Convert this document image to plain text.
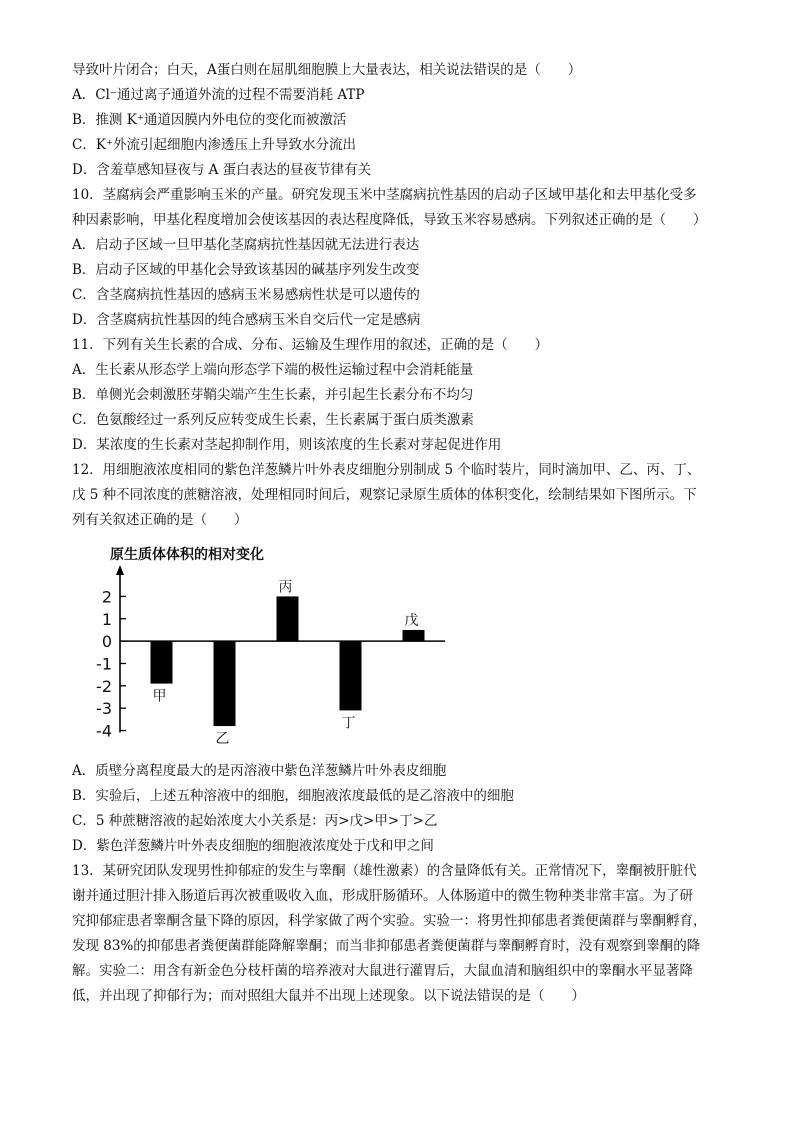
导致叶片闭合；白天，A蛋白则在屈肌细胞膜上大量表达，相关说法错误的是（　　）
A．Cl⁻通过离子通道外流的过程不需要消耗 ATP
B．推测 K⁺通道因膜内外电位的变化而被激活
C．K⁺外流引起细胞内渗透压上升导致水分流出
D．含羞草感知昼夜与 A 蛋白表达的昼夜节律有关
10．茎腐病会严重影响玉米的产量。研究发现玉米中茎腐病抗性基因的启动子区域甲基化和去甲基化受多
种因素影响，甲基化程度增加会使该基因的表达程度降低，导致玉米容易感病。下列叙述正确的是（　　）
A．启动子区域一旦甲基化茎腐病抗性基因就无法进行表达
B．启动子区域的甲基化会导致该基因的碱基序列发生改变
C．含茎腐病抗性基因的感病玉米易感病性状是可以遗传的
D．含茎腐病抗性基因的纯合感病玉米自交后代一定是感病
11．下列有关生长素的合成、分布、运输及生理作用的叙述，正确的是（　　）
A．生长素从形态学上端向形态学下端的极性运输过程中会消耗能量
B．单侧光会刺激胚芽鞘尖端产生生长素，并引起生长素分布不均匀
C．色氨酸经过一系列反应转变成生长素，生长素属于蛋白质类激素
D．某浓度的生长素对茎起抑制作用，则该浓度的生长素对芽起促进作用
12．用细胞液浓度相同的紫色洋葱鳞片叶外表皮细胞分别制成 5 个临时装片，同时滴加甲、乙、丙、丁、
戊 5 种不同浓度的蔗糖溶液，处理相同时间后，观察记录原生质体的体积变化，绘制结果如下图所示。下
列有关叙述正确的是（　　）
原生质体体积的相对变化
2
1
0
-1
-2
-3
-4
甲
乙
丙
丁
戊
A．质壁分离程度最大的是丙溶液中紫色洋葱鳞片叶外表皮细胞
B．实验后，上述五种溶液中的细胞，细胞液浓度最低的是乙溶液中的细胞
C．5 种蔗糖溶液的起始浓度大小关系是：丙>戊>甲>丁>乙
D．紫色洋葱鳞片叶外表皮细胞的细胞液浓度处于戊和甲之间
13．某研究团队发现男性抑郁症的发生与睾酮（雄性激素）的含量降低有关。正常情况下，睾酮被肝脏代
谢并通过胆汁排入肠道后再次被重吸收入血，形成肝肠循环。人体肠道中的微生物种类非常丰富。为了研
究抑郁症患者睾酮含量下降的原因，科学家做了两个实验。实验一：将男性抑郁患者粪便菌群与睾酮孵育，
发现 83%的抑郁患者粪便菌群能降解睾酮；而当非抑郁患者粪便菌群与睾酮孵育时，没有观察到睾酮的降
解。实验二：用含有新金色分枝杆菌的培养液对大鼠进行灌胃后，大鼠血清和脑组织中的睾酮水平显著降
低，并出现了抑郁行为；而对照组大鼠并不出现上述现象。以下说法错误的是（　　）
